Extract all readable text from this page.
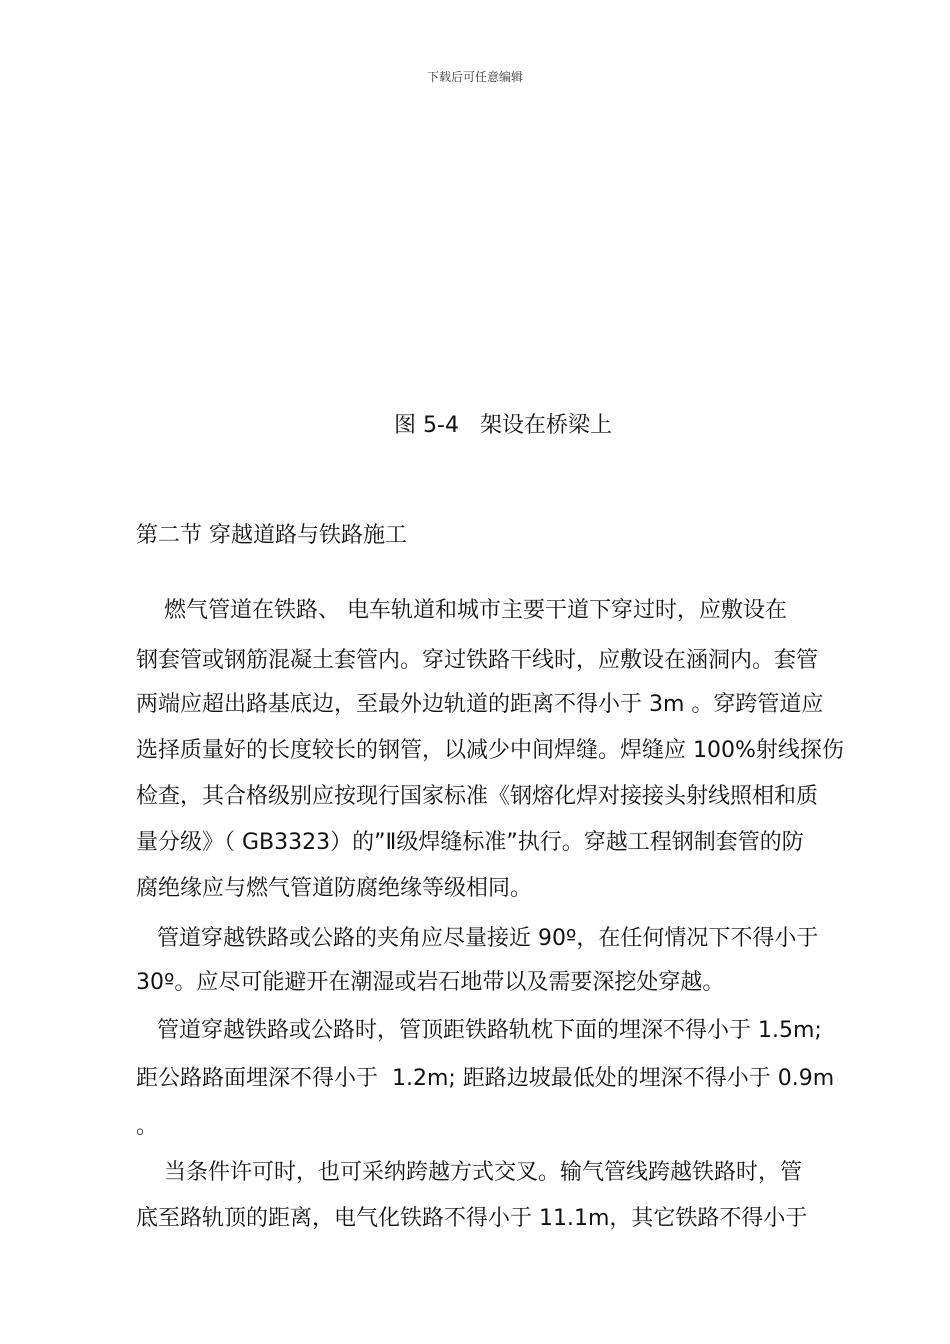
下载后可任意编辑
图 5-4   架设在桥梁上
第二节 穿越道路与铁路施工
燃气管道在铁路、 电车轨道和城市主要干道下穿过时，应敷设在
钢套管或钢筋混凝土套管内。穿过铁路干线时，应敷设在涵洞内。套管
两端应超出路基底边，至最外边轨道的距离不得小于 3m 。穿跨管道应
选择质量好的长度较长的钢管，以减少中间焊缝。焊缝应 100%射线探伤
检查，其合格级别应按现行国家标准《钢熔化焊对接接头射线照相和质
量分级》（ GB3323）的”Ⅱ级焊缝标准”执行。穿越工程钢制套管的防
腐绝缘应与燃气管道防腐绝缘等级相同。
管道穿越铁路或公路的夹角应尽量接近 90º，在任何情况下不得小于
30º。应尽可能避开在潮湿或岩石地带以及需要深挖处穿越。
管道穿越铁路或公路时，管顶距铁路轨枕下面的埋深不得小于 1.5m;
距公路路面埋深不得小于  1.2m; 距路边坡最低处的埋深不得小于 0.9m
。
当条件许可时，也可采纳跨越方式交叉。输气管线跨越铁路时，管
底至路轨顶的距离，电气化铁路不得小于 11.1m，其它铁路不得小于
